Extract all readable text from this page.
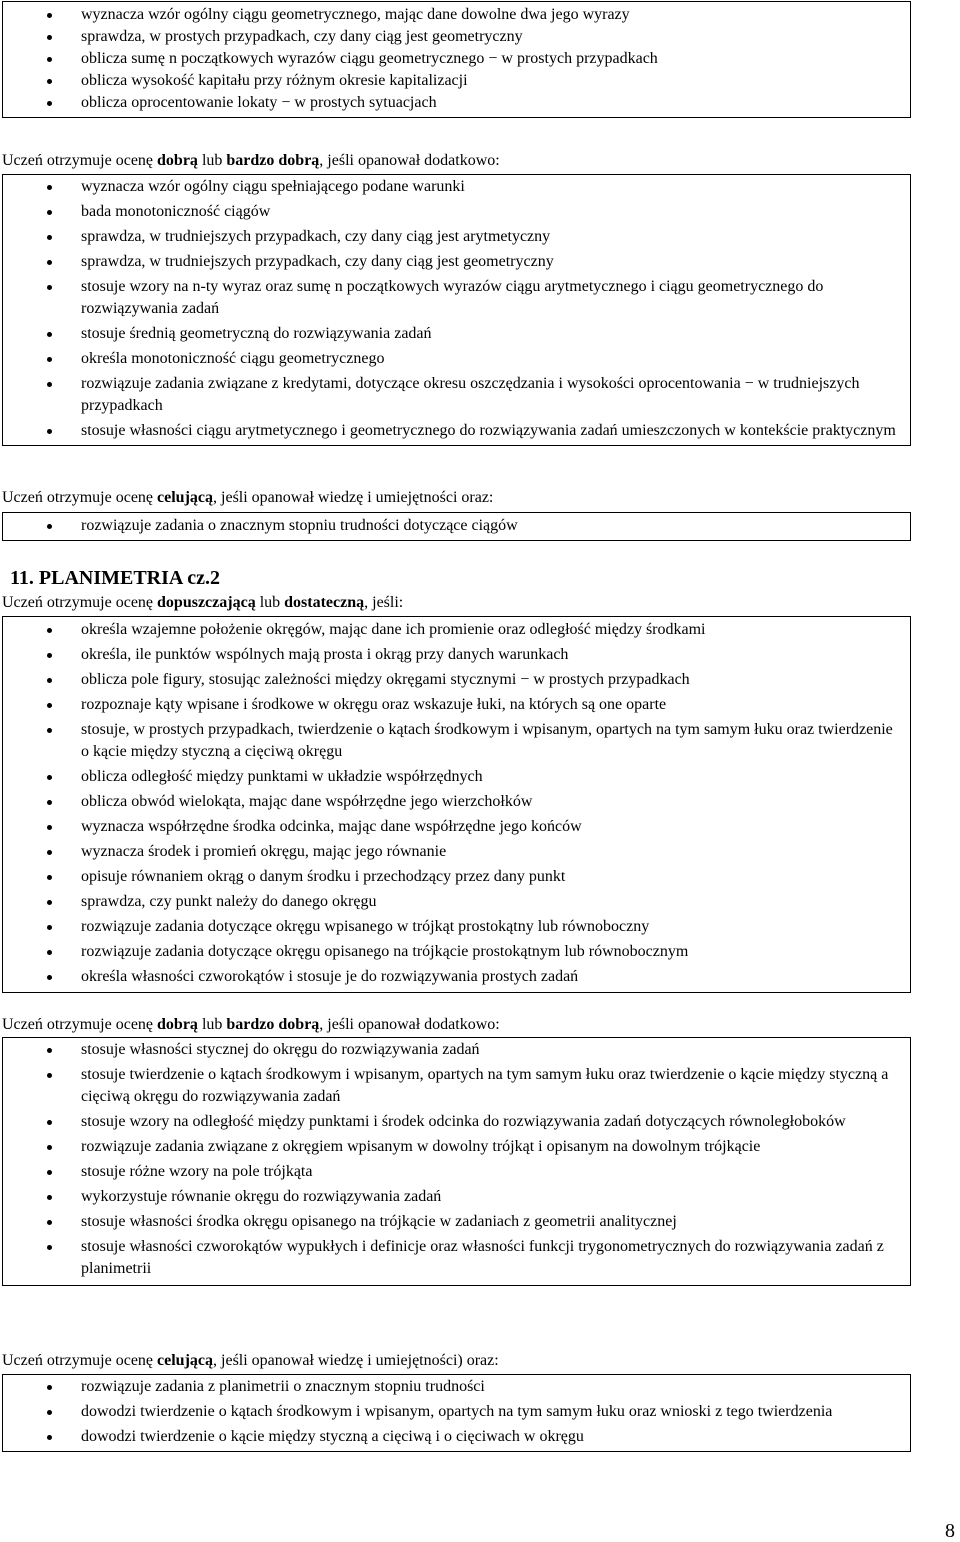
wyznacza wzór ogólny ciągu geometrycznego, mając dane dowolne dwa jego wyrazy
sprawdza, w prostych przypadkach, czy dany ciąg jest geometryczny
oblicza sumę n początkowych wyrazów ciągu geometrycznego − w prostych przypadkach
oblicza wysokość kapitału przy różnym okresie kapitalizacji
oblicza oprocentowanie lokaty − w prostych sytuacjach
Uczeń otrzymuje ocenę dobrą lub bardzo dobrą, jeśli opanował dodatkowo:
wyznacza wzór ogólny ciągu spełniającego podane warunki
bada monotoniczność ciągów
sprawdza, w trudniejszych przypadkach, czy dany ciąg jest arytmetyczny
sprawdza, w trudniejszych przypadkach, czy dany ciąg jest geometryczny
stosuje wzory na n-ty wyraz oraz sumę n początkowych wyrazów ciągu arytmetycznego i ciągu geometrycznego do rozwiązywania zadań
stosuje średnią geometryczną do rozwiązywania zadań
określa monotoniczność ciągu geometrycznego
rozwiązuje zadania związane z kredytami, dotyczące okresu oszczędzania i wysokości oprocentowania − w trudniejszych przypadkach
stosuje własności ciągu arytmetycznego i geometrycznego do rozwiązywania zadań umieszczonych w kontekście praktycznym
Uczeń otrzymuje ocenę celującą, jeśli opanował wiedzę i umiejętności oraz:
rozwiązuje zadania o znacznym stopniu trudności dotyczące ciągów
11. PLANIMETRIA cz.2
Uczeń otrzymuje ocenę dopuszczającą lub dostateczną, jeśli:
określa wzajemne położenie okręgów, mając dane ich promienie oraz odległość między środkami
określa, ile punktów wspólnych mają prosta i okrąg przy danych warunkach
oblicza pole figury, stosując zależności między okręgami stycznymi − w prostych przypadkach
rozpoznaje kąty wpisane i środkowe w okręgu oraz wskazuje łuki, na których są one oparte
stosuje, w prostych przypadkach, twierdzenie o kątach środkowym i wpisanym, opartych na tym samym łuku oraz twierdzenie o kącie między styczną a cięciwą okręgu
oblicza odległość między punktami w układzie współrzędnych
oblicza obwód wielokąta, mając dane współrzędne jego wierzchołków
wyznacza współrzędne środka odcinka, mając dane współrzędne jego końców
wyznacza środek i promień okręgu, mając jego równanie
opisuje równaniem okrąg o danym środku i przechodzący przez dany punkt
sprawdza, czy punkt należy do danego okręgu
rozwiązuje zadania dotyczące okręgu wpisanego w trójkąt prostokątny lub równoboczny
rozwiązuje zadania dotyczące okręgu opisanego na trójkącie prostokątnym lub równobocznym
określa własności czworokątów i stosuje je do rozwiązywania prostych zadań
Uczeń otrzymuje ocenę dobrą lub bardzo dobrą, jeśli opanował dodatkowo:
stosuje własności stycznej do okręgu do rozwiązywania zadań
stosuje twierdzenie o kątach środkowym i wpisanym, opartych na tym samym łuku oraz twierdzenie o kącie między styczną a cięciwą okręgu do rozwiązywania zadań
stosuje wzory na odległość między punktami i środek odcinka do rozwiązywania zadań dotyczących równoległoboków
rozwiązuje zadania związane z okręgiem wpisanym w dowolny trójkąt i opisanym na dowolnym trójkącie
stosuje różne wzory na pole trójkąta
wykorzystuje równanie okręgu do rozwiązywania zadań
stosuje własności środka okręgu opisanego na trójkącie w zadaniach z geometrii analitycznej
stosuje własności czworokątów wypukłych i definicje oraz własności funkcji trygonometrycznych do rozwiązywania zadań z planimetrii
Uczeń otrzymuje ocenę celującą, jeśli opanował wiedzę i umiejętności) oraz:
rozwiązuje zadania z planimetrii o znacznym stopniu trudności
dowodzi twierdzenie o kątach środkowym i wpisanym, opartych na tym samym łuku oraz wnioski z tego twierdzenia
dowodzi twierdzenie o kącie między styczną a cięciwą i o cięciwach w okręgu
8
